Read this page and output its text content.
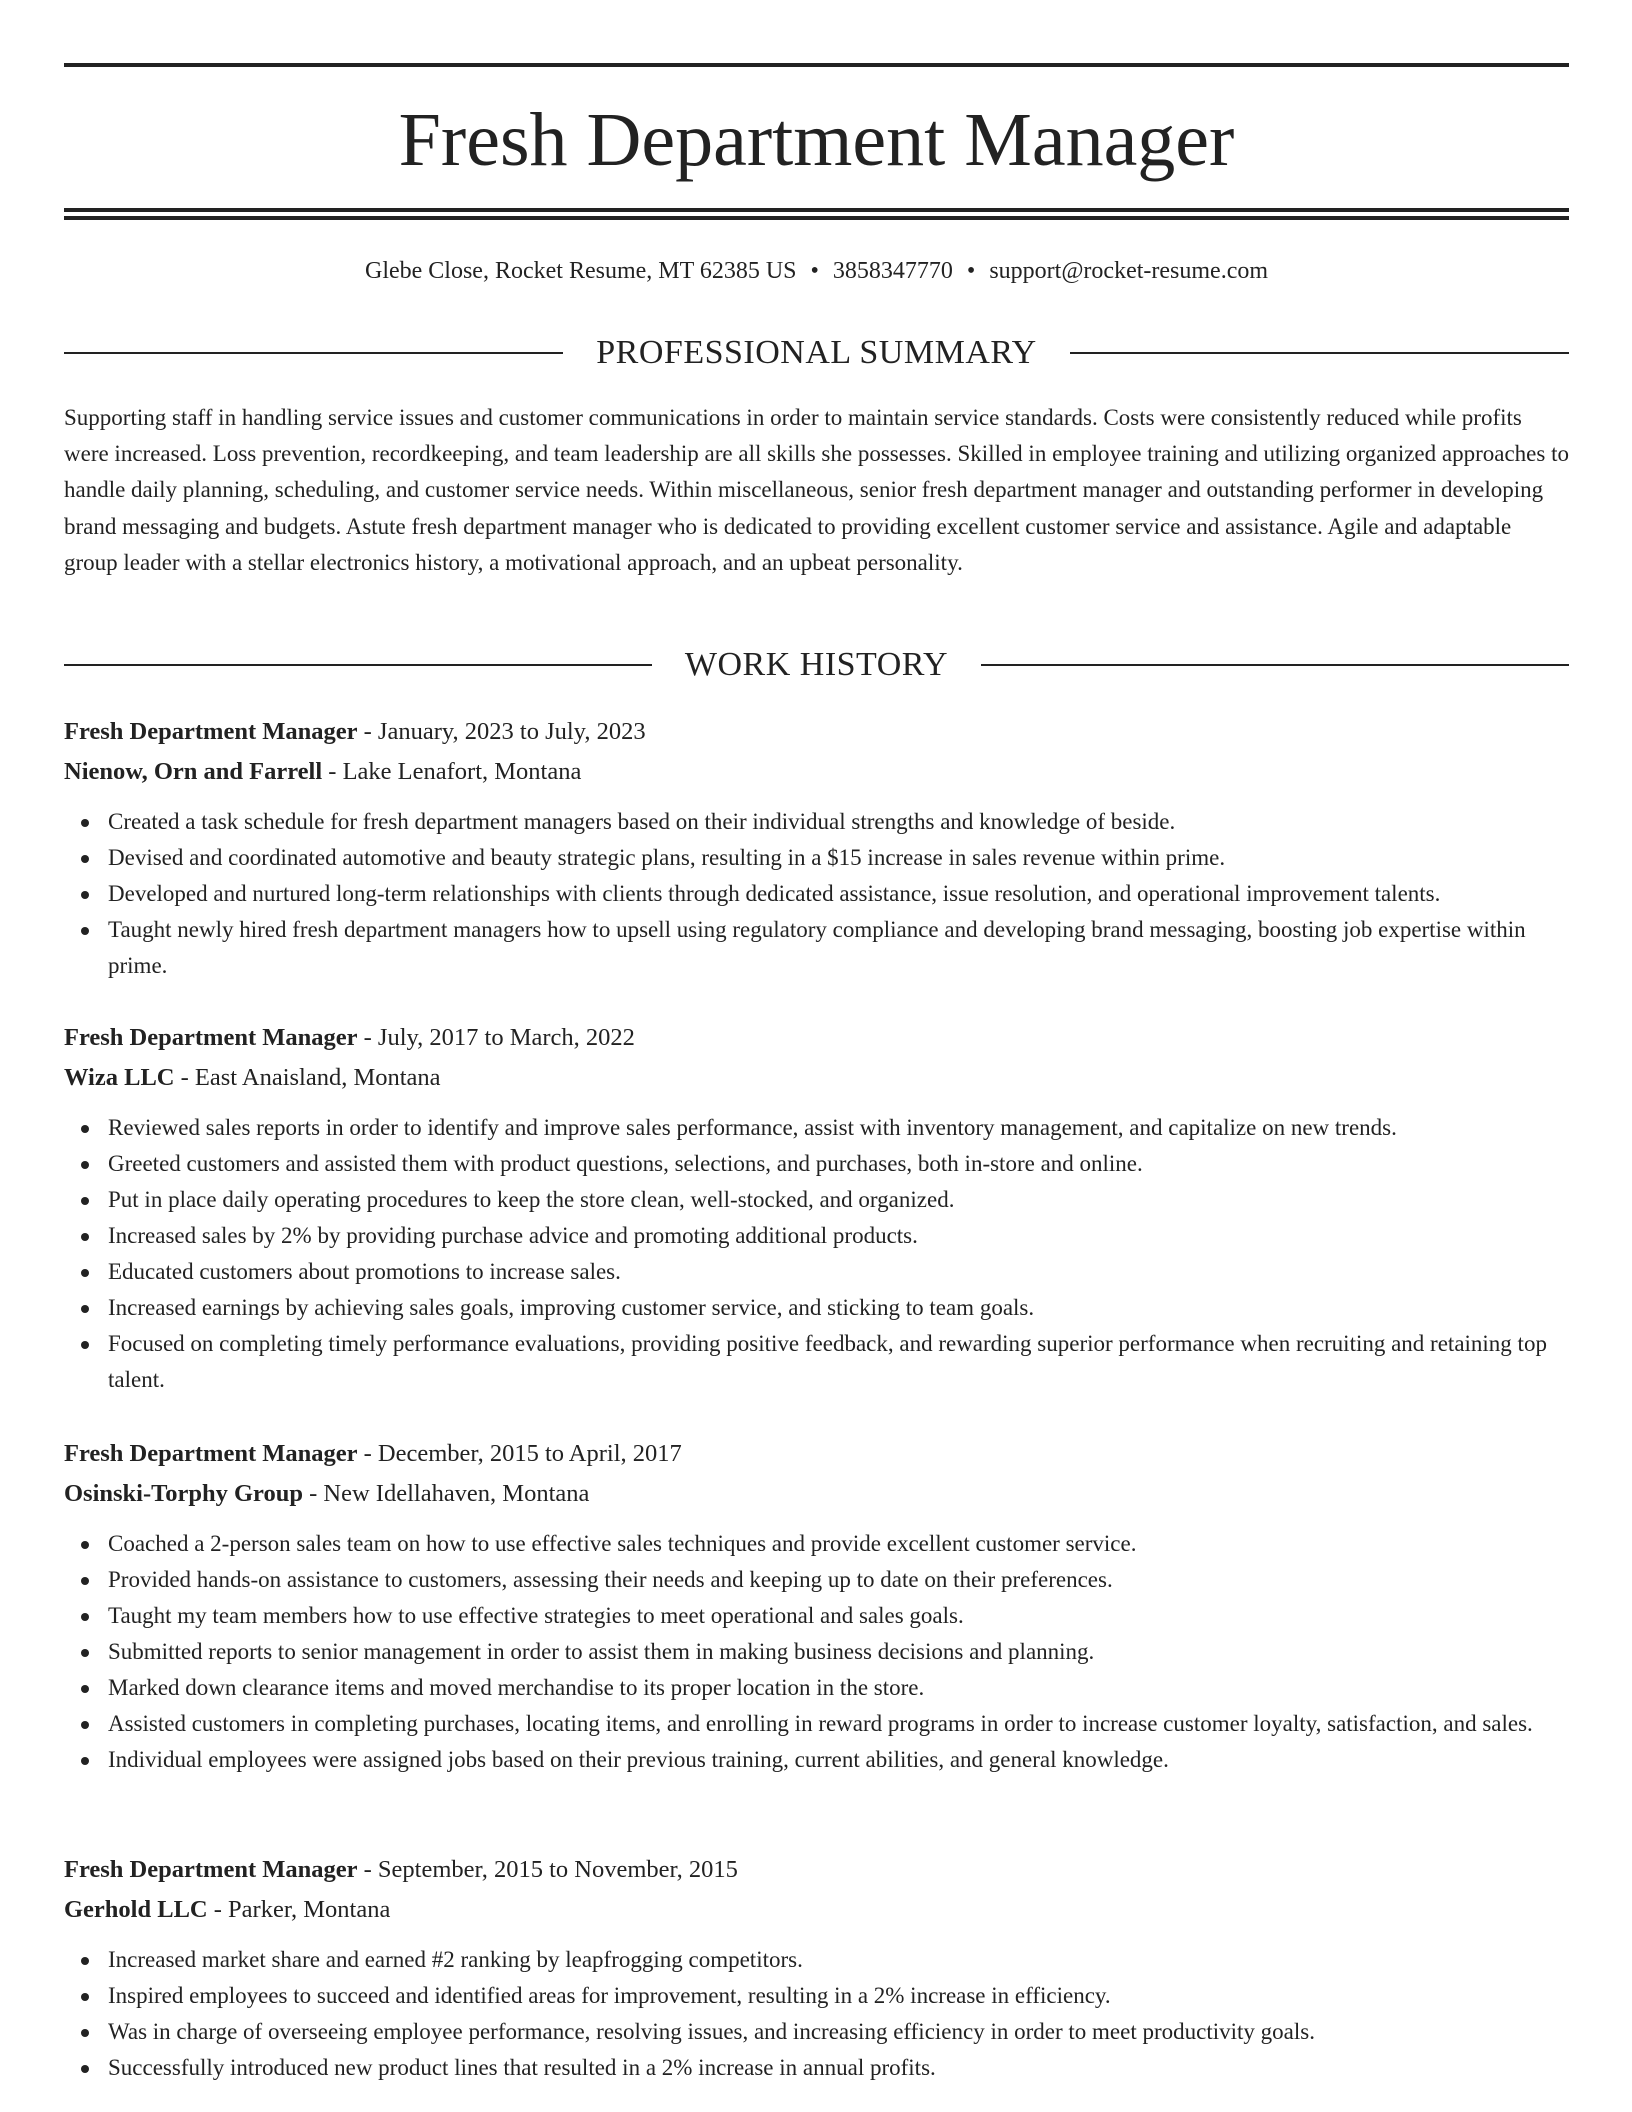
Fresh Department Manager
Glebe Close, Rocket Resume, MT 62385 US • 3858347770 • support@rocket-resume.com
PROFESSIONAL SUMMARY

Supporting staff in handling service issues and customer communications in order to maintain service standards. Costs were consistently reduced while profits were increased. Loss prevention, recordkeeping, and team leadership are all skills she possesses. Skilled in employee training and utilizing organized approaches to handle daily planning, scheduling, and customer service needs. Within miscellaneous, senior fresh department manager and outstanding performer in developing brand messaging and budgets. Astute fresh department manager who is dedicated to providing excellent customer service and assistance. Agile and adaptable group leader with a stellar electronics history, a motivational approach, and an upbeat personality.

WORK HISTORY

Fresh Department Manager - January, 2023 to July, 2023

Nienow, Orn and Farrell - Lake Lenafort, Montana

Created a task schedule for fresh department managers based on their individual strengths and knowledge of beside.
Devised and coordinated automotive and beauty strategic plans, resulting in a $15 increase in sales revenue within prime.
Developed and nurtured long-term relationships with clients through dedicated assistance, issue resolution, and operational improvement talents.
Taught newly hired fresh department managers how to upsell using regulatory compliance and developing brand messaging, boosting job expertise within prime.

Fresh Department Manager - July, 2017 to March, 2022

Wiza LLC - East Anaisland, Montana

Reviewed sales reports in order to identify and improve sales performance, assist with inventory management, and capitalize on new trends.
Greeted customers and assisted them with product questions, selections, and purchases, both in-store and online.
Put in place daily operating procedures to keep the store clean, well-stocked, and organized.
Increased sales by 2% by providing purchase advice and promoting additional products.
Educated customers about promotions to increase sales.
Increased earnings by achieving sales goals, improving customer service, and sticking to team goals.
Focused on completing timely performance evaluations, providing positive feedback, and rewarding superior performance when recruiting and retaining top talent.

Fresh Department Manager - December, 2015 to April, 2017

Osinski-Torphy Group - New Idellahaven, Montana

Coached a 2-person sales team on how to use effective sales techniques and provide excellent customer service.
Provided hands-on assistance to customers, assessing their needs and keeping up to date on their preferences.
Taught my team members how to use effective strategies to meet operational and sales goals.
Submitted reports to senior management in order to assist them in making business decisions and planning.
Marked down clearance items and moved merchandise to its proper location in the store.
Assisted customers in completing purchases, locating items, and enrolling in reward programs in order to increase customer loyalty, satisfaction, and sales.
Individual employees were assigned jobs based on their previous training, current abilities, and general knowledge.

Fresh Department Manager - September, 2015 to November, 2015

Gerhold LLC - Parker, Montana

Increased market share and earned #2 ranking by leapfrogging competitors.
Inspired employees to succeed and identified areas for improvement, resulting in a 2% increase in efficiency.
Was in charge of overseeing employee performance, resolving issues, and increasing efficiency in order to meet productivity goals.
Successfully introduced new product lines that resulted in a 2% increase in annual profits.
